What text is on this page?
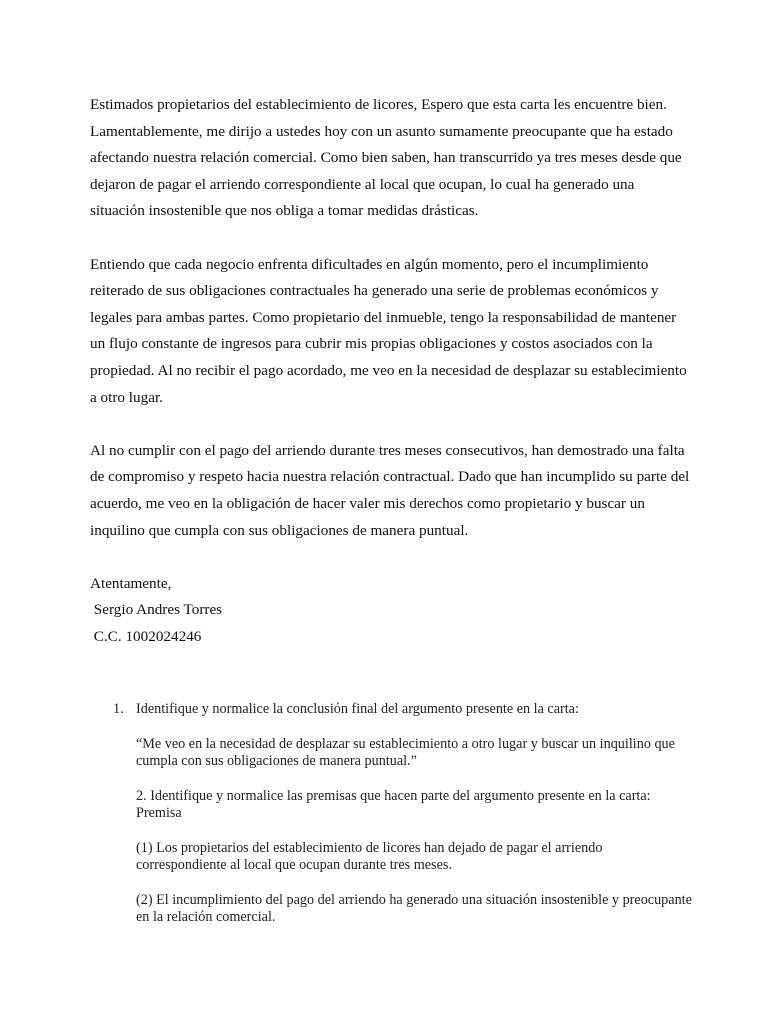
Estimados propietarios del establecimiento de licores, Espero que esta carta les encuentre bien. Lamentablemente, me dirijo a ustedes hoy con un asunto sumamente preocupante que ha estado afectando nuestra relación comercial. Como bien saben, han transcurrido ya tres meses desde que dejaron de pagar el arriendo correspondiente al local que ocupan, lo cual ha generado una situación insostenible que nos obliga a tomar medidas drásticas.

Entiendo que cada negocio enfrenta dificultades en algún momento, pero el incumplimiento reiterado de sus obligaciones contractuales ha generado una serie de problemas económicos y legales para ambas partes. Como propietario del inmueble, tengo la responsabilidad de mantener un flujo constante de ingresos para cubrir mis propias obligaciones y costos asociados con la propiedad. Al no recibir el pago acordado, me veo en la necesidad de desplazar su establecimiento a otro lugar.

Al no cumplir con el pago del arriendo durante tres meses consecutivos, han demostrado una falta de compromiso y respeto hacia nuestra relación contractual. Dado que han incumplido su parte del acuerdo, me veo en la obligación de hacer valer mis derechos como propietario y buscar un inquilino que cumpla con sus obligaciones de manera puntual.

Atentamente,
Sergio Andres Torres
C.C. 1002024246
1. Identifique y normalice la conclusión final del argumento presente en la carta:

“Me veo en la necesidad de desplazar su establecimiento a otro lugar y buscar un inquilino que cumpla con sus obligaciones de manera puntual.”

2. Identifique y normalice las premisas que hacen parte del argumento presente en la carta: Premisa

(1) Los propietarios del establecimiento de licores han dejado de pagar el arriendo correspondiente al local que ocupan durante tres meses.

(2) El incumplimiento del pago del arriendo ha generado una situación insostenible y preocupante en la relación comercial.
